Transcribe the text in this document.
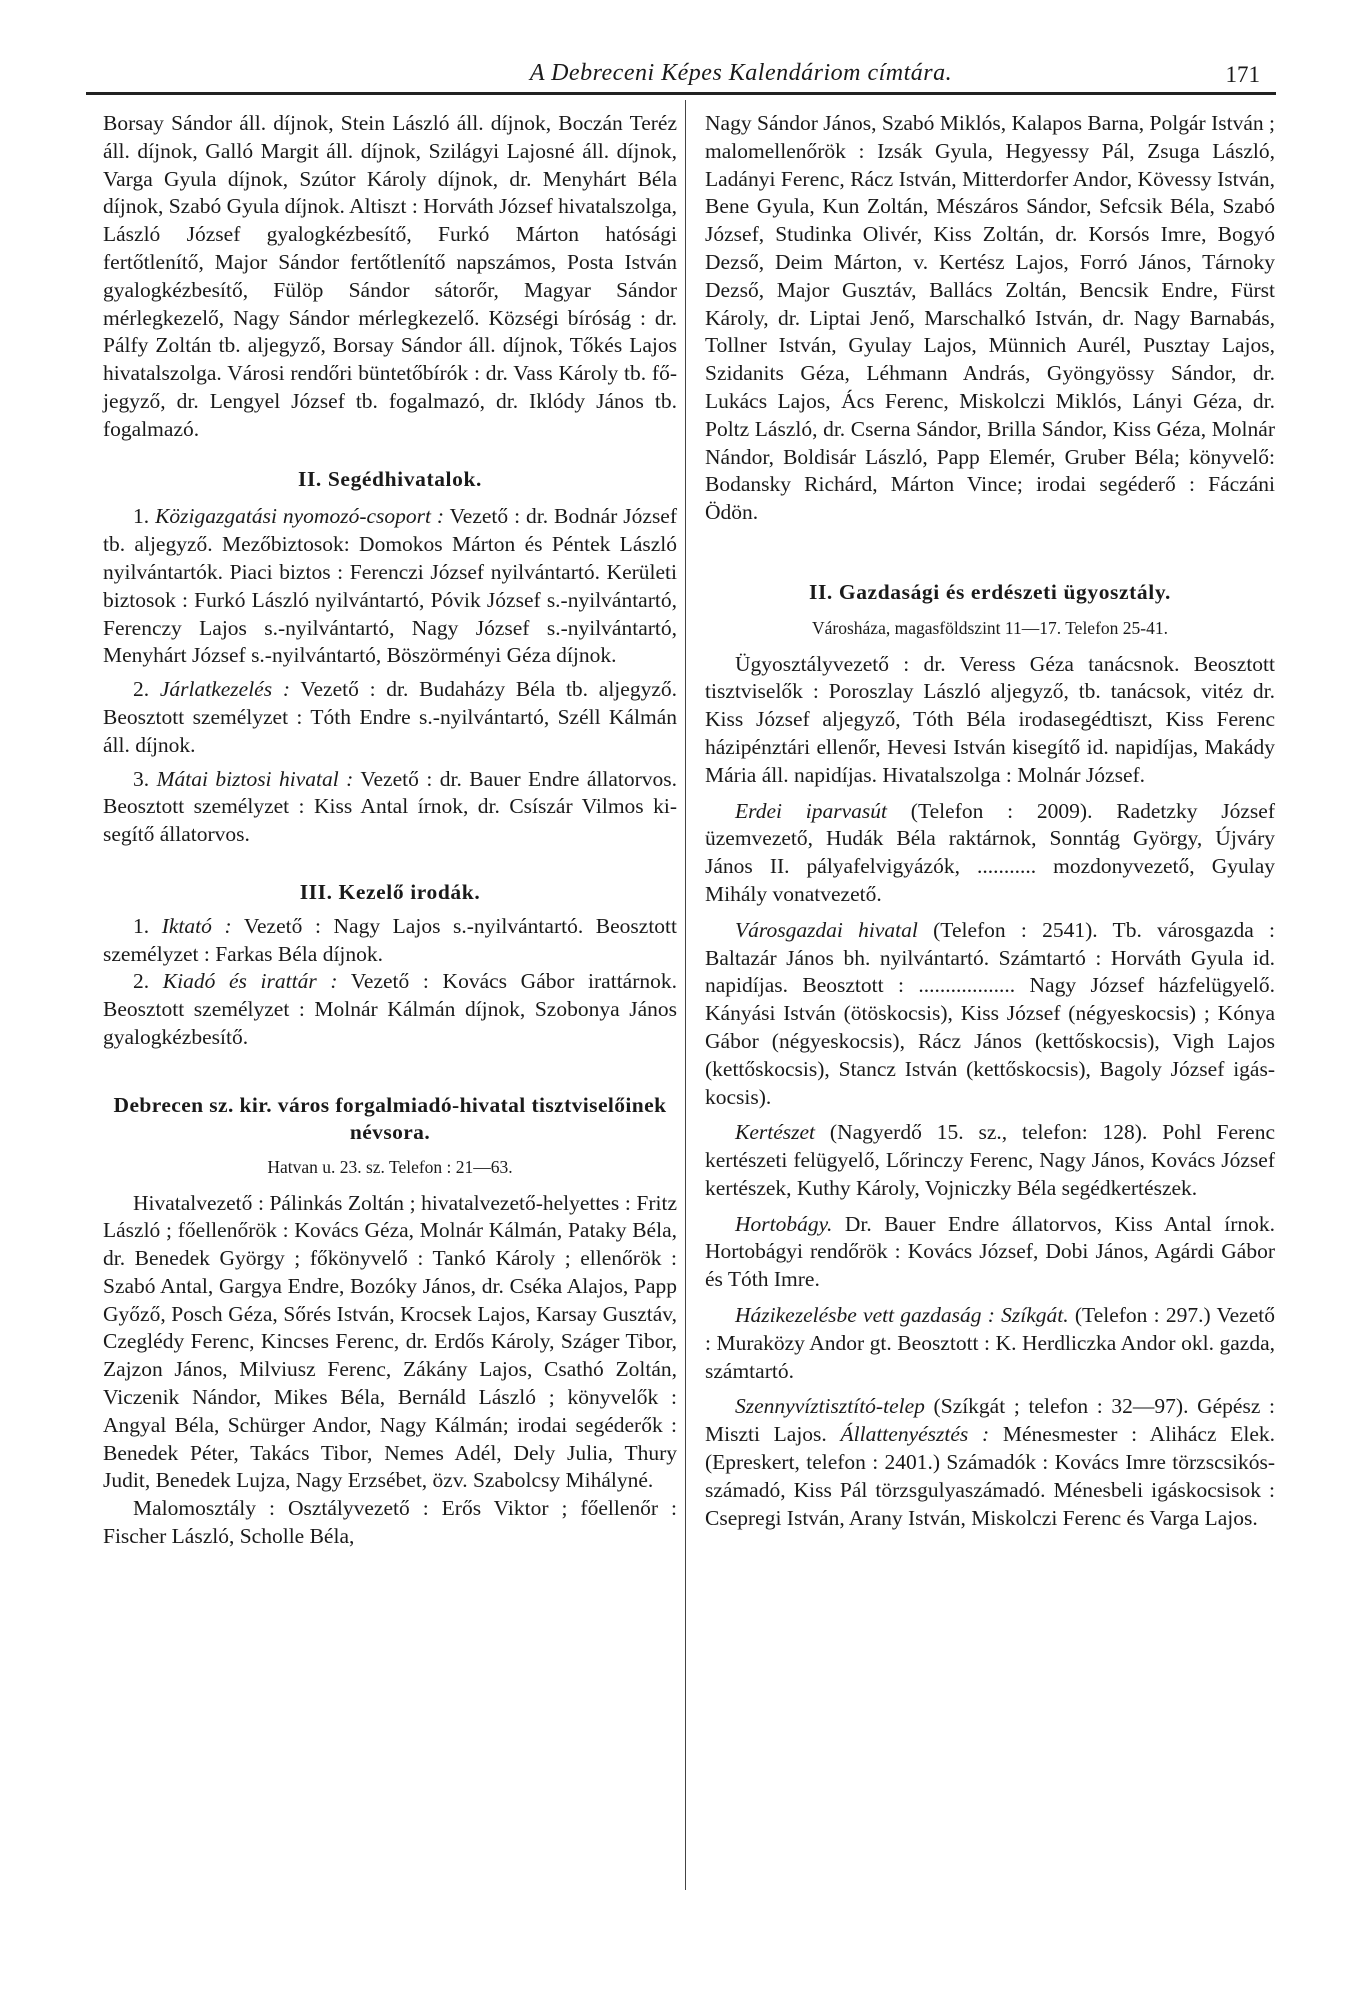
A Debreceni Képes Kalendáriom címtára.	171

Borsay Sándor áll. díjnok, Stein László áll. díjnok, Boczán Teréz áll. díjnok, Galló Margit áll. díjnok, Szilágyi Lajosné áll. díjnok, Varga Gyula díjnok, Szútor Károly díjnok, dr. Menyhárt Béla díjnok, Szabó Gyula díjnok. Altiszt : Horváth József hivatalszolga, László József gyalogkézbesítő, Furkó Márton hatósági fertőtlenítő, Major Sándor fertőtlenítő napszámos, Posta István gyalogkézbesítő, Fülöp Sándor sátorőr, Magyar Sándor mérlegkezelő, Nagy Sándor mérlegkezelő. Községi bíróság : dr. Pálfy Zoltán tb. aljegyző, Borsay Sándor áll. díjnok, Tőkés Lajos hivatalszolga. Városi rendőri büntetőbírók : dr. Vass Károly tb. főjegyző, dr. Lengyel József tb. fogalmazó, dr. Iklódy János tb. fogalmazó.

II. Segédhivatalok.

1. Közigazgatási nyomozó-csoport : Vezető : dr. Bodnár József tb. aljegyző. Mezőbiztosok: Domokos Márton és Péntek László nyilvántartók. Piaci biztos : Ferenczi József nyilvántartó. Kerületi biztosok : Furkó László nyilvántartó, Póvik József s.-nyilvántartó, Ferenczy Lajos s.-nyilvántartó, Nagy József s.-nyilvántartó, Menyhárt József s.-nyilvántartó, Böszörményi Géza díjnok.

2. Járlatkezelés : Vezető : dr. Budaházy Béla tb. aljegyző. Beosztott személyzet : Tóth Endre s.-nyilvántartó, Széll Kálmán áll. díjnok.

3. Mátai biztosi hivatal : Vezető : dr. Bauer Endre állatorvos. Beosztott személyzet : Kiss Antal írnok, dr. Csíszár Vilmos kisegítő állatorvos.

III. Kezelő irodák.

1. Iktató : Vezető : Nagy Lajos s.-nyilvántartó. Beosztott személyzet : Farkas Béla díjnok.

2. Kiadó és irattár : Vezető : Kovács Gábor irattárnok. Beosztott személyzet : Molnár Kálmán díjnok, Szobonya János gyalogkézbesítő.

Debrecen sz. kir. város forgalmiadó-hivatal tisztviselőinek névsora.

Hatvan u. 23. sz. Telefon : 21—63.

Hivatalvezető : Pálinkás Zoltán ; hivatalvezető-helyettes : Fritz László ; főellenőrök : Kovács Géza, Molnár Kálmán, Pataky Béla, dr. Benedek György ; főkönyvelő : Tankó Károly ; ellenőrök : Szabó Antal, Gargya Endre, Bozóky János, dr. Cséka Alajos, Papp Győző, Posch Géza, Sőrés István, Krocsek Lajos, Karsay Gusztáv, Czeglédy Ferenc, Kincses Ferenc, dr. Erdős Károly, Száger Tibor, Zajzon János, Milviusz Ferenc, Zákány Lajos, Csathó Zoltán, Viczenik Nándor, Mikes Béla, Bernáld László ; könyvelők : Angyal Béla, Schürger Andor, Nagy Kálmán; irodai segéderők : Benedek Péter, Takács Tibor, Nemes Adél, Dely Julia, Thury Judit, Benedek Lujza, Nagy Erzsébet, özv. Szabolcsy Mihályné.

Malomosztály : Osztályvezető : Erős Viktor ; főellenőr : Fischer László, Scholle Béla,

Nagy Sándor János, Szabó Miklós, Kalapos Barna, Polgár István ; malomellenőrök : Izsák Gyula, Hegyessy Pál, Zsuga László, Ladányi Ferenc, Rácz István, Mitterdorfer Andor, Kövessy István, Bene Gyula, Kun Zoltán, Mészáros Sándor, Sefcsik Béla, Szabó József, Studinka Olivér, Kiss Zoltán, dr. Korsós Imre, Bogyó Dezső, Deim Márton, v. Kertész Lajos, Forró János, Tárnoky Dezső, Major Gusztáv, Ballács Zoltán, Bencsik Endre, Fürst Károly, dr. Liptai Jenő, Marschalkó István, dr. Nagy Barnabás, Tollner István, Gyulay Lajos, Münnich Aurél, Pusztay Lajos, Szidanits Géza, Léhmann András, Gyöngyössy Sándor, dr. Lukács Lajos, Ács Ferenc, Miskolczi Miklós, Lányi Géza, dr. Poltz László, dr. Cserna Sándor, Brilla Sándor, Kiss Géza, Molnár Nándor, Boldisár László, Papp Elemér, Gruber Béla; könyvelő: Bodansky Richárd, Márton Vince; irodai segéderő : Fáczáni Ödön.

II. Gazdasági és erdészeti ügyosztály.

Városháza, magasföldszint 11—17. Telefon 25-41.

Ügyosztályvezető : dr. Veress Géza tanácsnok. Beosztott tisztviselők : Poroszlay László aljegyző, tb. tanácsok, vitéz dr. Kiss József aljegyző, Tóth Béla irodasegédtiszt, Kiss Ferenc házipénztári ellenőr, Hevesi István kisegítő id. napidíjas, Makády Mária áll. napidíjas. Hivatalszolga : Molnár József.

Erdei iparvasút (Telefon : 2009). Radetzky József üzemvezető, Hudák Béla raktárnok, Sonntág György, Újváry János II. pályafelvigyázók, ........... mozdonyvezető, Gyulay Mihály vonatvezető.

Városgazdai hivatal (Telefon : 2541). Tb. városgazda : Baltazár János bh. nyilvántartó. Számtartó : Horváth Gyula id. napidíjas. Beosztott : .................. Nagy József házfelügyelő. Kányási István (ötöskocsis), Kiss József (négyeskocsis) ; Kónya Gábor (négyeskocsis), Rácz János (kettőskocsis), Vigh Lajos (kettőskocsis), Stancz István (kettőskocsis), Bagoly József igáskocsis).

Kertészet (Nagyerdő 15. sz., telefon: 128). Pohl Ferenc kertészeti felügyelő, Lőrinczy Ferenc, Nagy János, Kovács József kertészek, Kuthy Károly, Vojniczky Béla segédkertészek.

Hortobágy. Dr. Bauer Endre állatorvos, Kiss Antal írnok. Hortobágyi rendőrök : Kovács József, Dobi János, Agárdi Gábor és Tóth Imre.

Házikezelésbe vett gazdaság : Szíkgát. (Telefon : 297.) Vezető : Muraközy Andor gt. Beosztott : K. Herdliczka Andor okl. gazda, számtartó.

Szennyvíztisztító-telep (Szíkgát ; telefon : 32—97). Gépész : Miszti Lajos. Állattenyésztés : Ménesmester : Alihácz Elek. (Epreskert, telefon : 2401.) Számadók : Kovács Imre törzscsikós-számadó, Kiss Pál törzsgulyaszámadó. Ménesbeli igáskocsisok : Csepregi István, Arany István, Miskolczi Ferenc és Varga Lajos.
